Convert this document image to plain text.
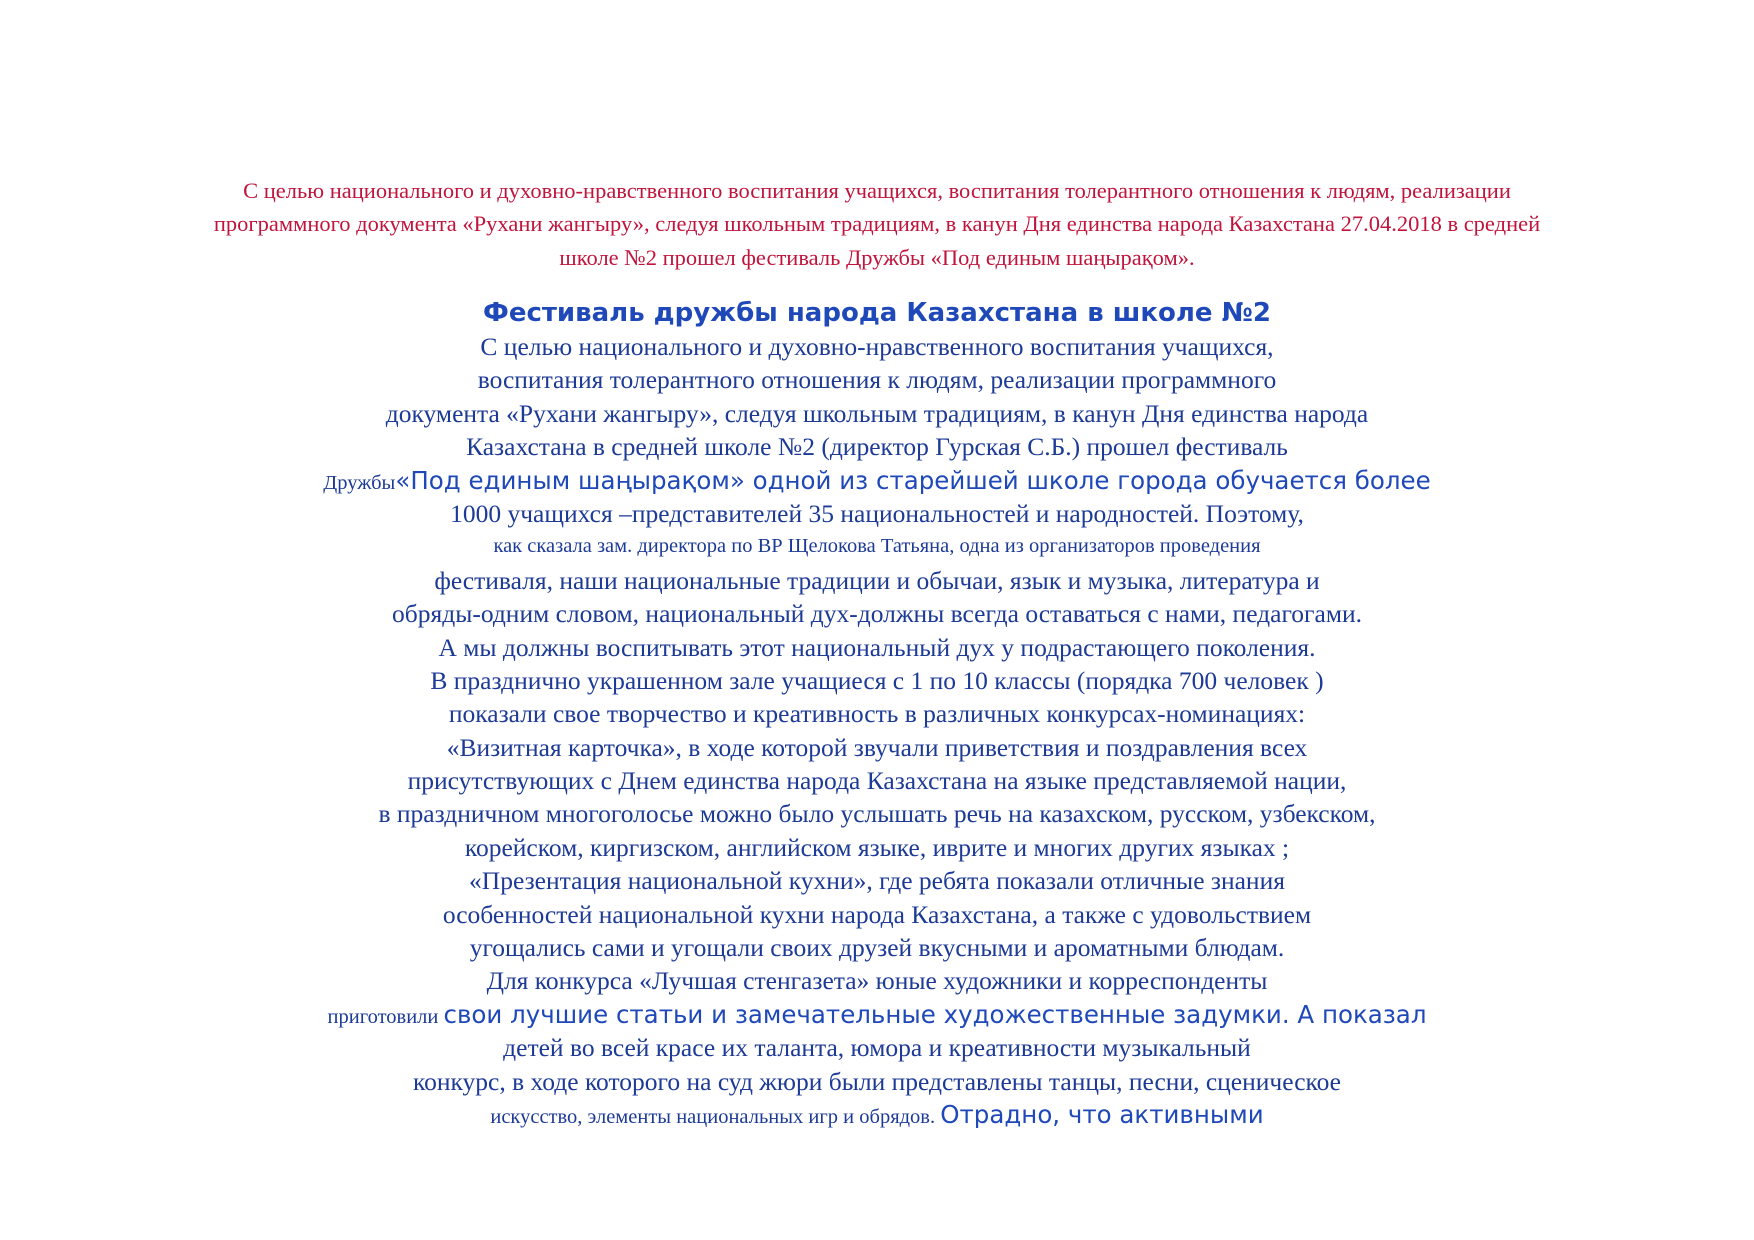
С целью национального и духовно-нравственного воспитания учащихся, воспитания толерантного отношения к людям, реализации
программного документа «Рухани жангыру», следуя школьным традициям, в канун Дня единства народа Казахстана 27.04.2018 в средней
школе №2 прошел фестиваль Дружбы «Под единым шаңырақом».
Фестиваль дружбы народа Казахстана в школе №2
С целью национального и духовно-нравственного воспитания учащихся,
воспитания толерантного отношения к людям, реализации программного
документа «Рухани жангыру», следуя школьным традициям, в канун Дня единства народа
Казахстана в средней школе №2 (директор Гурская С.Б.) прошел фестиваль
Дружбы«Под единым шаңырақом» одной из старейшей школе города обучается более
1000 учащихся –представителей 35 национальностей и народностей. Поэтому,
как сказала зам. директора по ВР Щелокова Татьяна, одна из организаторов проведения
фестиваля, наши национальные традиции и обычаи, язык и музыка, литература и
обряды-одним словом, национальный дух-должны всегда оставаться с нами, педагогами.
А мы должны воспитывать этот национальный дух у подрастающего поколения.
В празднично украшенном зале учащиеся с 1 по 10 классы (порядка 700 человек )
показали свое творчество и креативность в различных конкурсах-номинациях:
«Визитная карточка», в ходе которой звучали приветствия и поздравления всех
присутствующих с Днем единства народа Казахстана на языке представляемой нации,
в праздничном многоголосье можно было услышать речь на казахском, русском, узбекском,
корейском, киргизском, английском языке, иврите и многих других языках ;
«Презентация национальной кухни», где ребята показали отличные знания
особенностей национальной кухни народа Казахстана, а также с удовольствием
угощались сами и угощали своих друзей вкусными и ароматными блюдам.
Для конкурса «Лучшая стенгазета» юные художники и корреспонденты
приготовили свои лучшие статьи и замечательные художественные задумки. А показал
детей во всей красе их таланта, юмора и креативности музыкальный
конкурс, в ходе которого на суд жюри были представлены танцы, песни, сценическое
искусство, элементы национальных игр и обрядов. Отрадно, что активными
